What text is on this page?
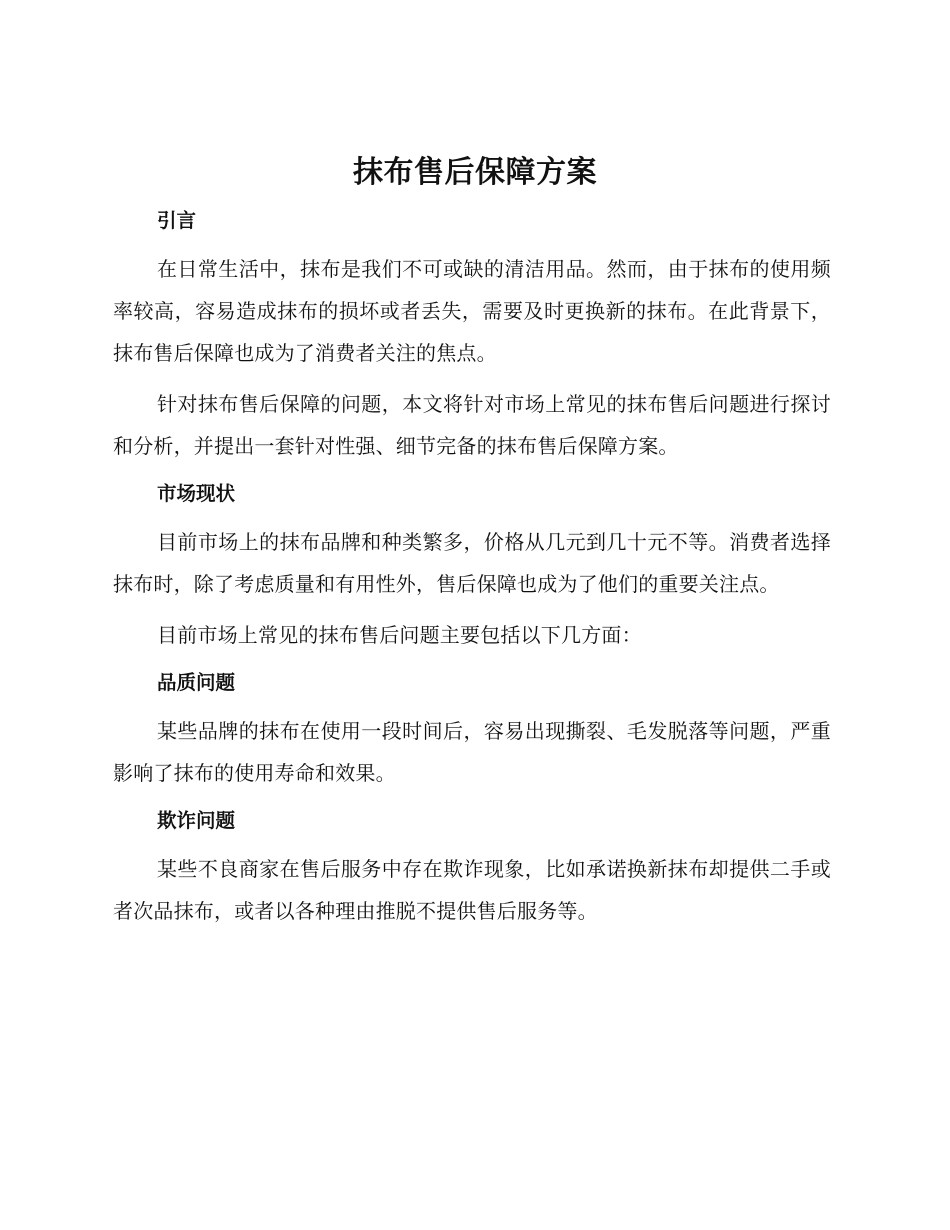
抹布售后保障方案
引言

在日常生活中，抹布是我们不可或缺的清洁用品。然而，由于抹布的使用频率较高，容易造成抹布的损坏或者丢失，需要及时更换新的抹布。在此背景下，抹布售后保障也成为了消费者关注的焦点。

针对抹布售后保障的问题，本文将针对市场上常见的抹布售后问题进行探讨和分析，并提出一套针对性强、细节完备的抹布售后保障方案。

市场现状

目前市场上的抹布品牌和种类繁多，价格从几元到几十元不等。消费者选择抹布时，除了考虑质量和有用性外，售后保障也成为了他们的重要关注点。

目前市场上常见的抹布售后问题主要包括以下几方面：

品质问题

某些品牌的抹布在使用一段时间后，容易出现撕裂、毛发脱落等问题，严重影响了抹布的使用寿命和效果。

欺诈问题

某些不良商家在售后服务中存在欺诈现象，比如承诺换新抹布却提供二手或者次品抹布，或者以各种理由推脱不提供售后服务等。
